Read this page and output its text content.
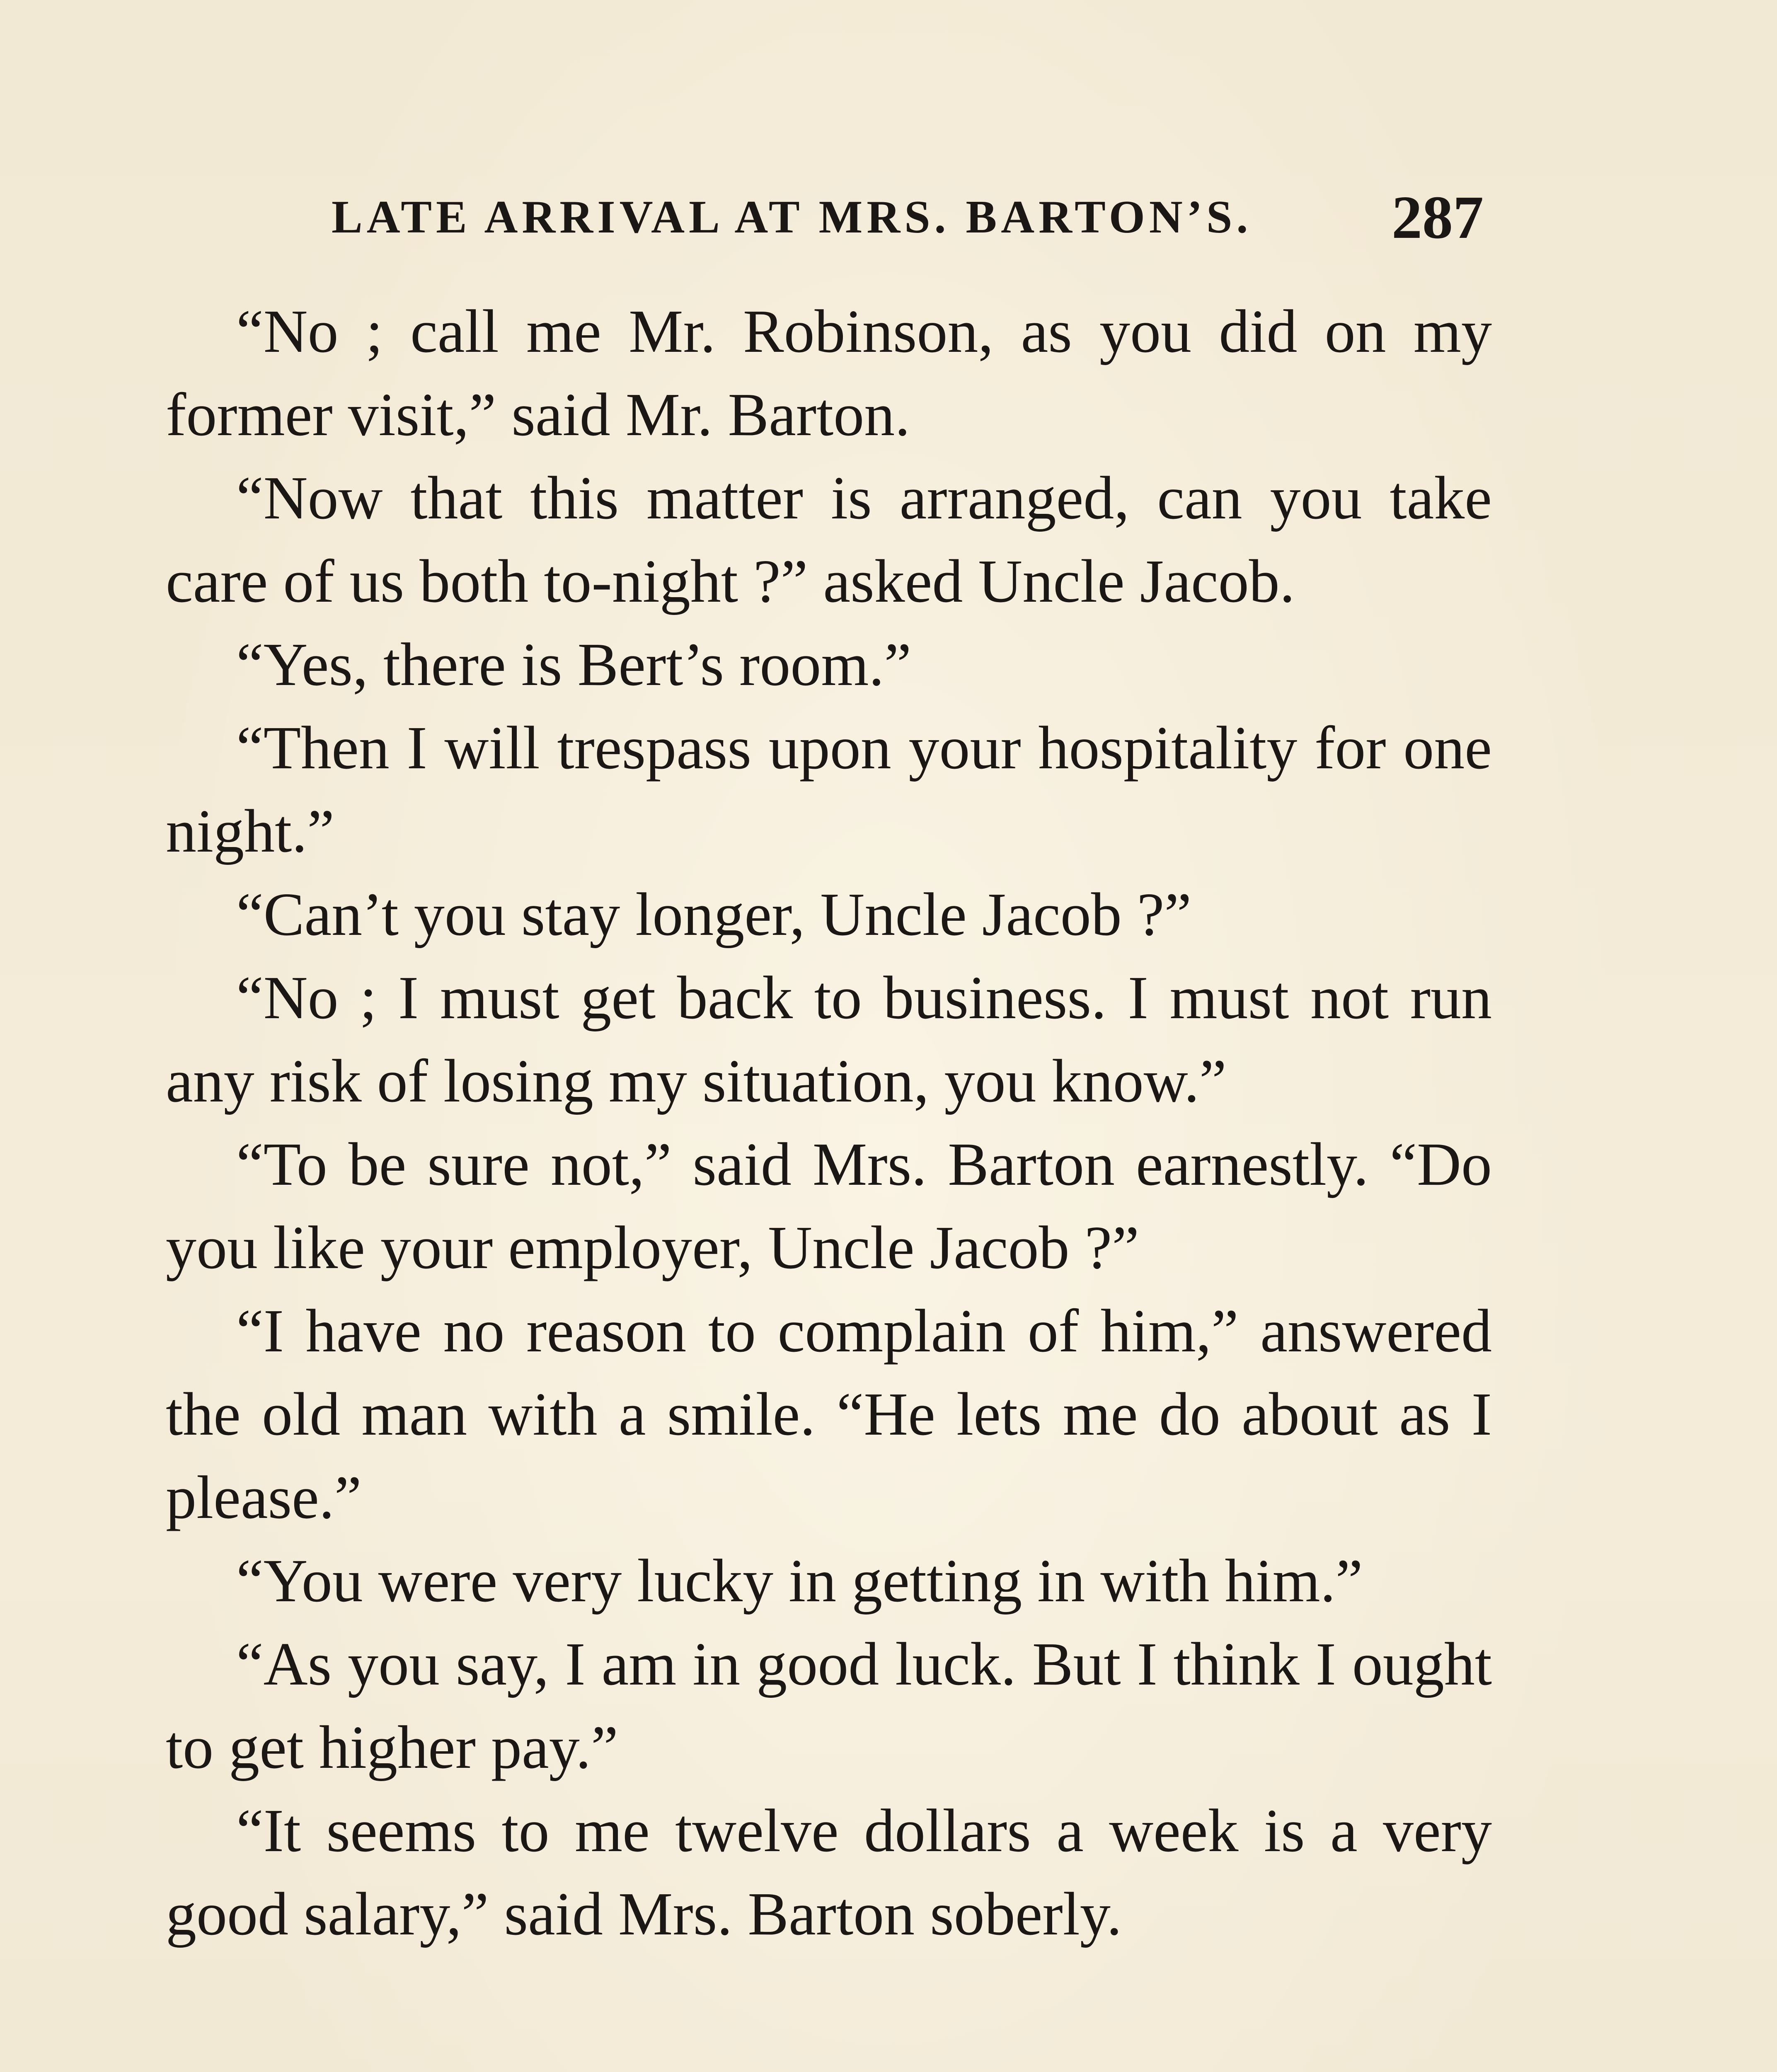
LATE ARRIVAL AT MRS. BARTON’S. 287

“No ; call me Mr. Robinson, as you did on my former visit,” said Mr. Barton.

“Now that this matter is arranged, can you take care of us both to-night ?” asked Uncle Jacob.

“Yes, there is Bert’s room.”

“Then I will trespass upon your hospitality for one night.”

“Can’t you stay longer, Uncle Jacob ?”

“No ; I must get back to business. I must not run any risk of losing my situation, you know.”

“To be sure not,” said Mrs. Barton earnestly. “Do you like your employer, Uncle Jacob ?”

“I have no reason to complain of him,” answered the old man with a smile. “He lets me do about as I please.”

“You were very lucky in getting in with him.”

“As you say, I am in good luck. But I think I ought to get higher pay.”

“It seems to me twelve dollars a week is a very good salary,” said Mrs. Barton soberly.
